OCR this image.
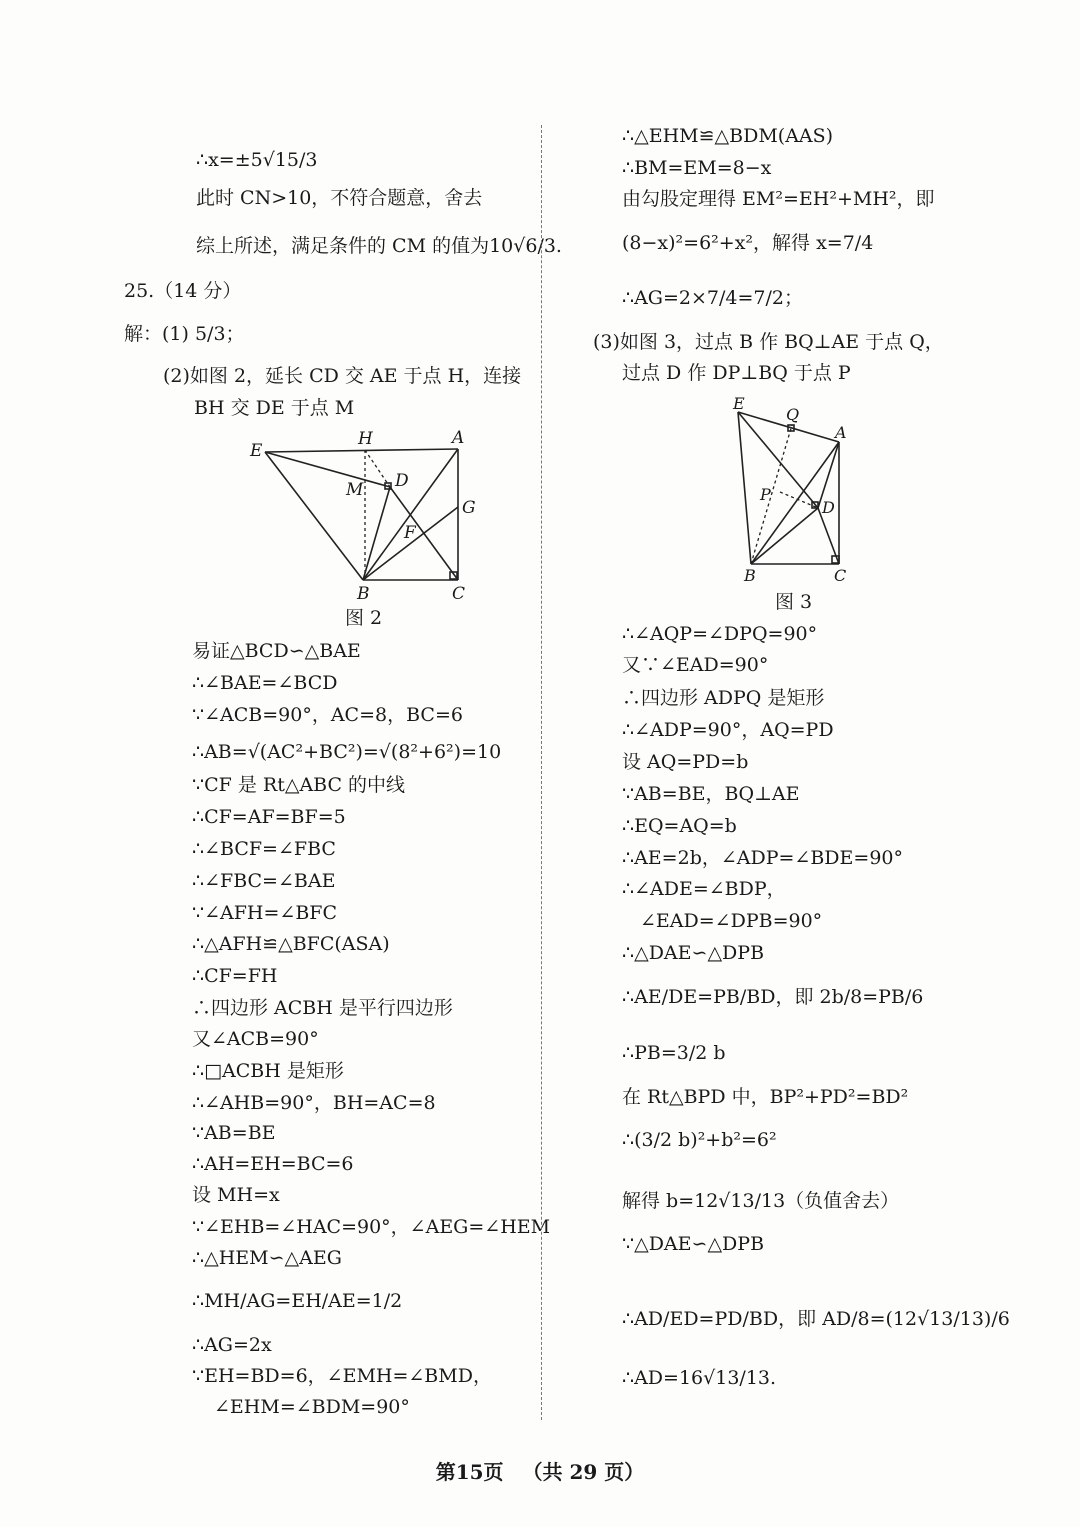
∴x=±5√15/3
此时 CN>10，不符合题意，舍去
综上所述，满足条件的 CM 的值为10√6/3.
25.（14 分）
解：(1) 5/3；
(2)如图 2，延长 CD 交 AE 于点 H，连接
BH 交 DE 于点 M
E
H	A
M D
G
F
B	C
图 2
易证△BCD∽△BAE
∴∠BAE=∠BCD
∵∠ACB=90°，AC=8，BC=6
∴AB=√(AC²+BC²)=√(8²+6²)=10
∵CF 是 Rt△ABC 的中线
∴CF=AF=BF=5
∴∠BCF=∠FBC
∴∠FBC=∠BAE
∵∠AFH=∠BFC
∴△AFH≌△BFC(ASA)
∴CF=FH
∴四边形 ACBH 是平行四边形
又∠ACB=90°
∴□ACBH 是矩形
∴∠AHB=90°，BH=AC=8
∵AB=BE
∴AH=EH=BC=6
设 MH=x
∵∠EHB=∠HAC=90°，∠AEG=∠HEM
∴△HEM∽△AEG
∴MH/AG=EH/AE=1/2
∴AG=2x
∵EH=BD=6，∠EMH=∠BMD，
∠EHM=∠BDM=90°
∴△EHM≌△BDM(AAS)
∴BM=EM=8−x
由勾股定理得 EM²=EH²+MH²，即
(8−x)²=6²+x²，解得 x=7/4
∴AG=2×7/4=7/2；
(3)如图 3，过点 B 作 BQ⊥AE 于点 Q，
过点 D 作 DP⊥BQ 于点 P
E
Q
A
P
D
B	C
图 3
∴∠AQP=∠DPQ=90°
又∵∠EAD=90°
∴四边形 ADPQ 是矩形
∴∠ADP=90°，AQ=PD
设 AQ=PD=b
∵AB=BE，BQ⊥AE
∴EQ=AQ=b
∴AE=2b，∠ADP=∠BDE=90°
∴∠ADE=∠BDP，
∠EAD=∠DPB=90°
∴△DAE∽△DPB
∴AE/DE=PB/BD，即 2b/8=PB/6
∴PB=3/2 b
在 Rt△BPD 中，BP²+PD²=BD²
∴(3/2 b)²+b²=6²
解得 b=12√13/13（负值舍去）
∵△DAE∽△DPB
∴AD/ED=PD/BD，即 AD/8=(12√13/13)/6
∴AD=16√13/13.
第15页 （共 29 页）
